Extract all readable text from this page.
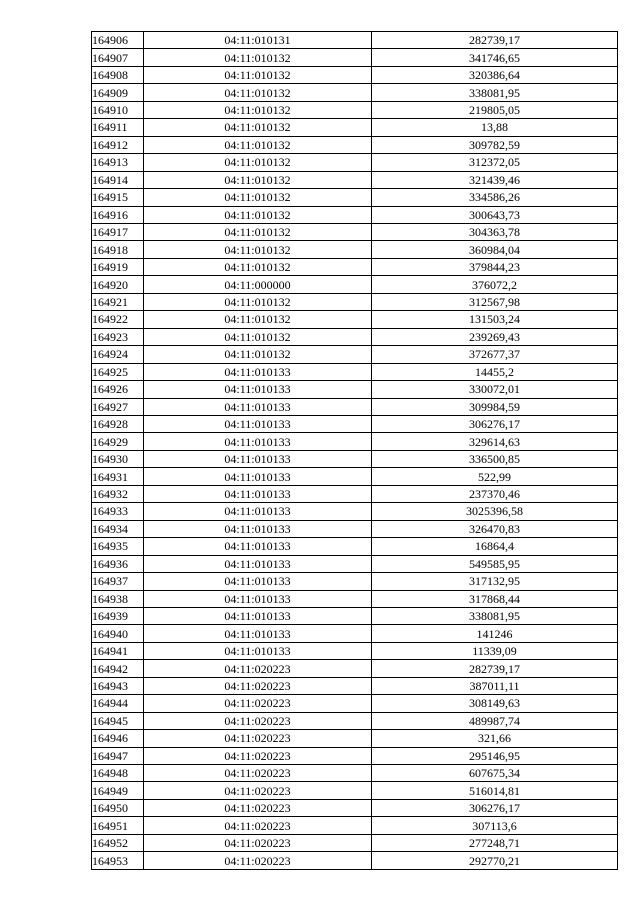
164906	04:11:010131	282739,17
164907	04:11:010132	341746,65
164908	04:11:010132	320386,64
164909	04:11:010132	338081,95
164910	04:11:010132	219805,05
164911	04:11:010132	13,88
164912	04:11:010132	309782,59
164913	04:11:010132	312372,05
164914	04:11:010132	321439,46
164915	04:11:010132	334586,26
164916	04:11:010132	300643,73
164917	04:11:010132	304363,78
164918	04:11:010132	360984,04
164919	04:11:010132	379844,23
164920	04:11:000000	376072,2
164921	04:11:010132	312567,98
164922	04:11:010132	131503,24
164923	04:11:010132	239269,43
164924	04:11:010132	372677,37
164925	04:11:010133	14455,2
164926	04:11:010133	330072,01
164927	04:11:010133	309984,59
164928	04:11:010133	306276,17
164929	04:11:010133	329614,63
164930	04:11:010133	336500,85
164931	04:11:010133	522,99
164932	04:11:010133	237370,46
164933	04:11:010133	3025396,58
164934	04:11:010133	326470,83
164935	04:11:010133	16864,4
164936	04:11:010133	549585,95
164937	04:11:010133	317132,95
164938	04:11:010133	317868,44
164939	04:11:010133	338081,95
164940	04:11:010133	141246
164941	04:11:010133	11339,09
164942	04:11:020223	282739,17
164943	04:11:020223	387011,11
164944	04:11:020223	308149,63
164945	04:11:020223	489987,74
164946	04:11:020223	321,66
164947	04:11:020223	295146,95
164948	04:11:020223	607675,34
164949	04:11:020223	516014,81
164950	04:11:020223	306276,17
164951	04:11:020223	307113,6
164952	04:11:020223	277248,71
164953	04:11:020223	292770,21
